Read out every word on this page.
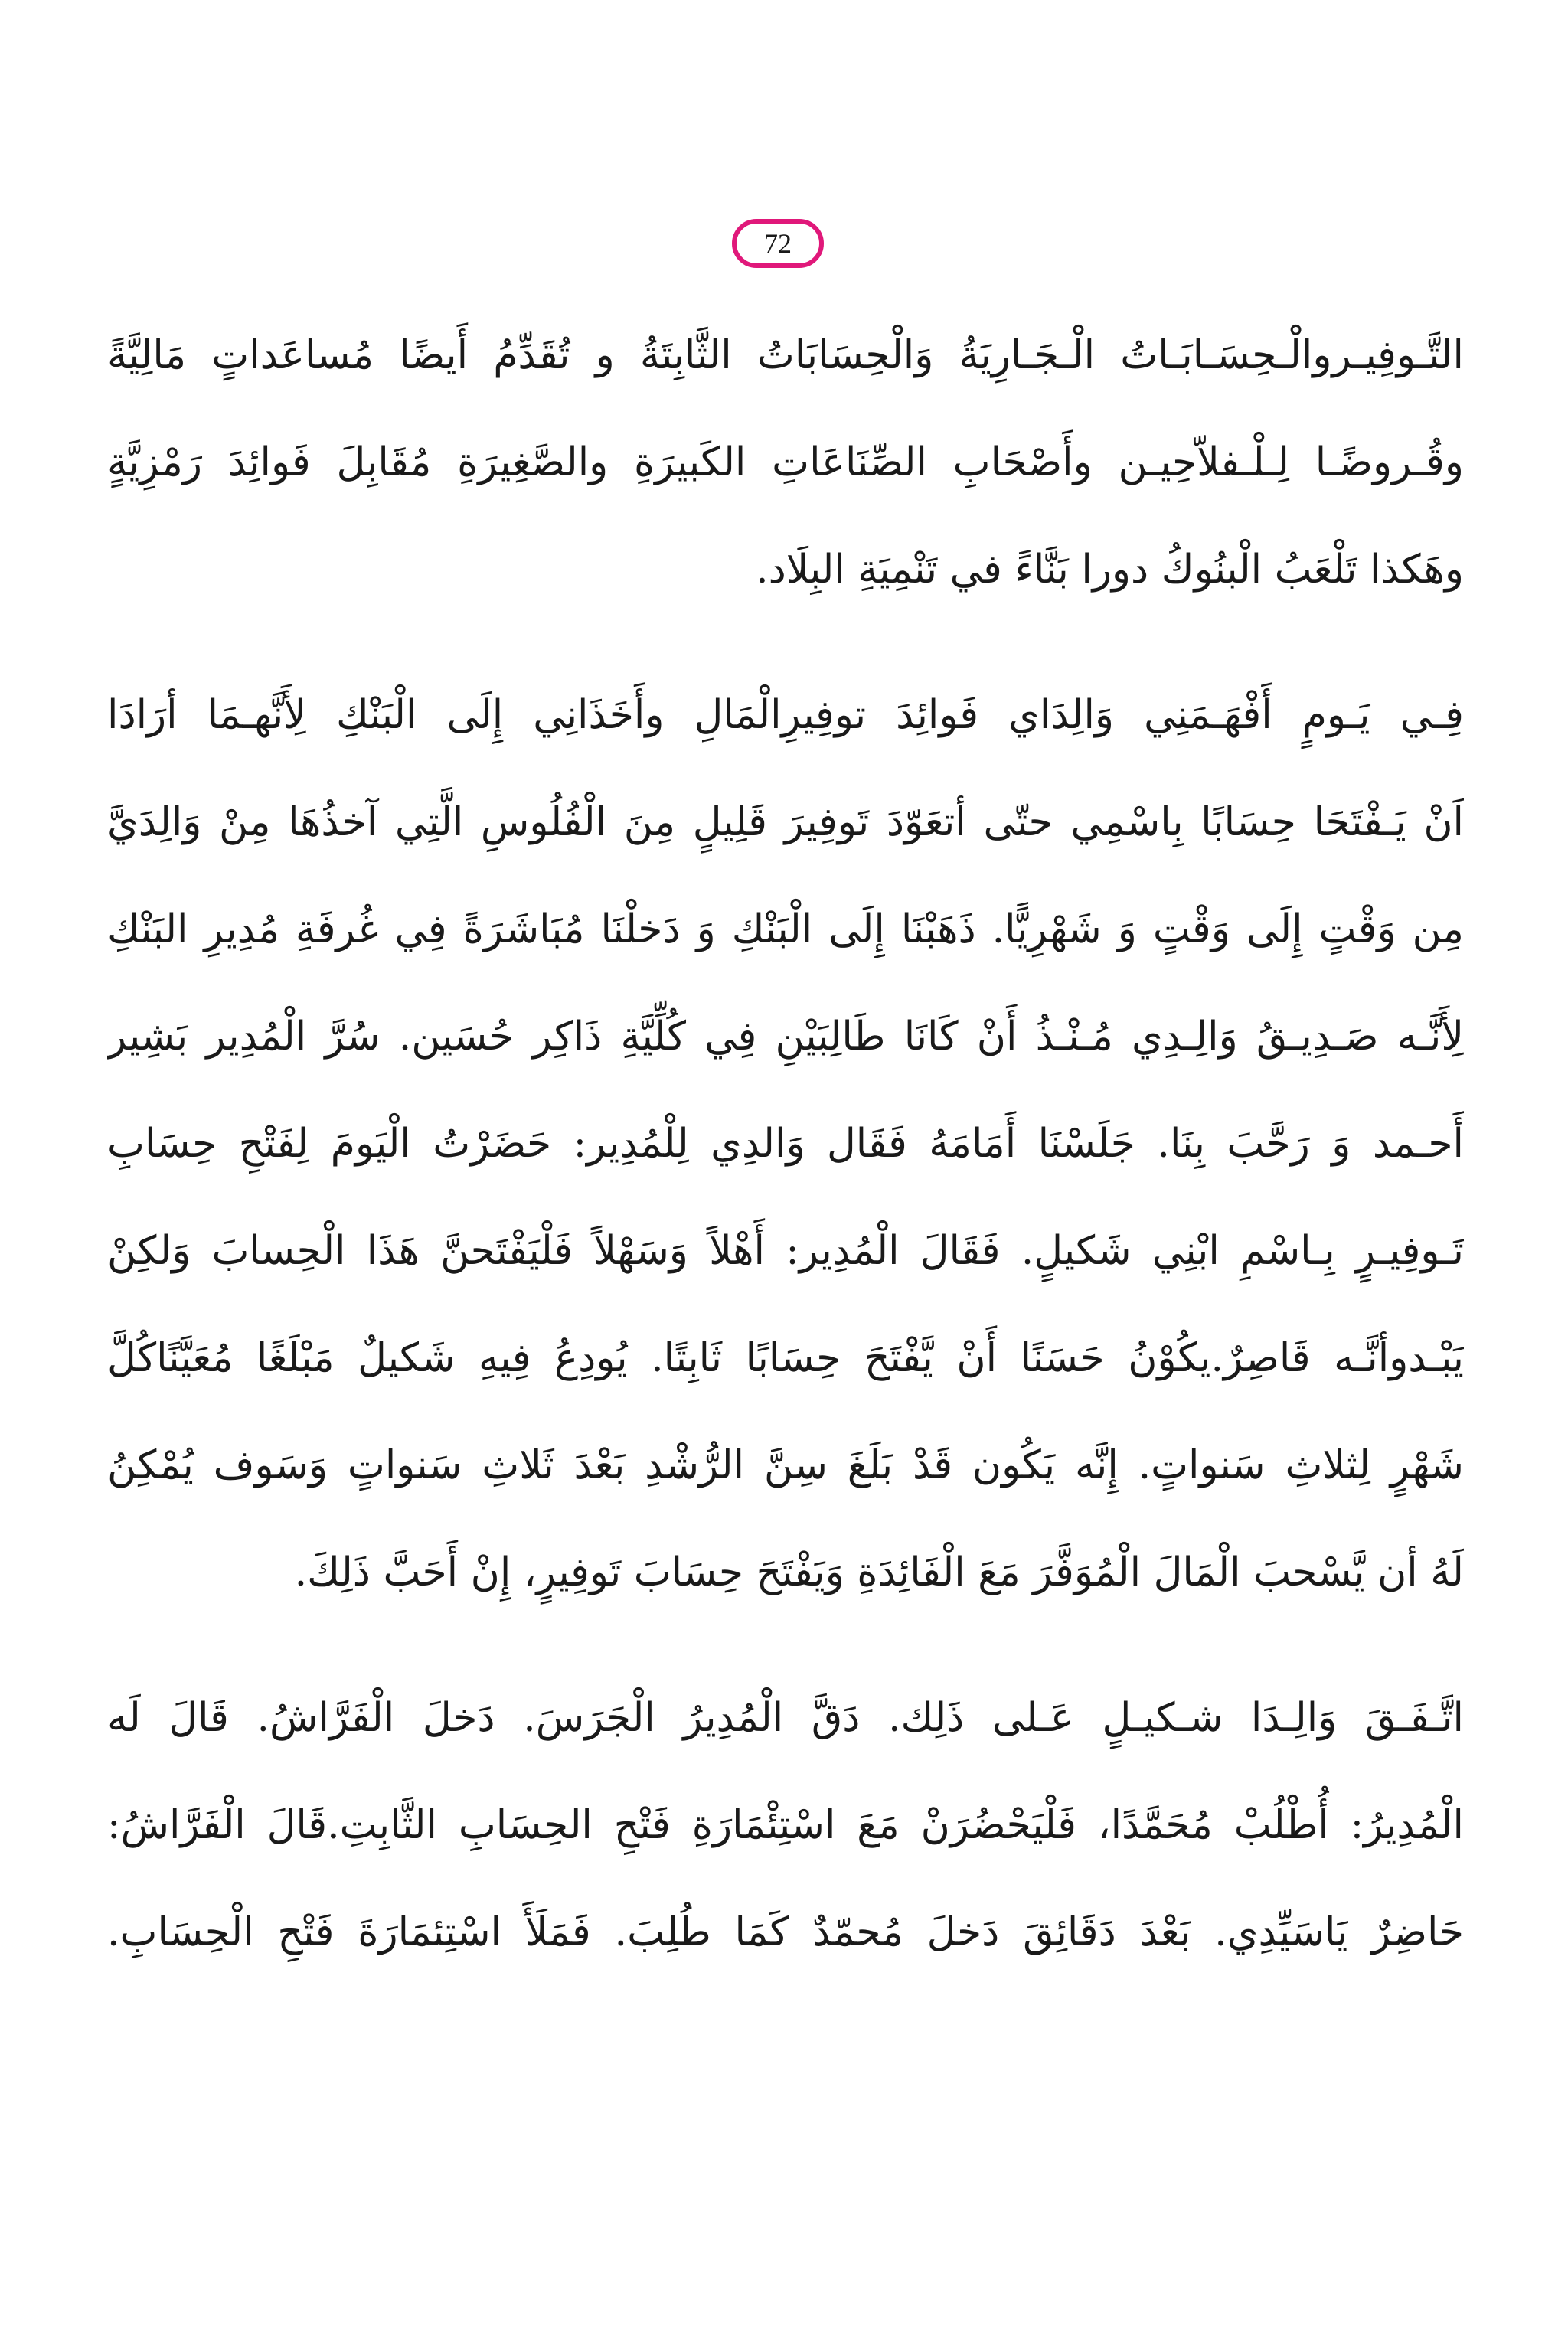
72
التَّـوفِيـروالْـحِسَـابَـاتُ الْـجَـارِيَةُ وَالْحِسَابَاتُ الثَّابِتَةُ و تُقَدِّمُ أَيضًا مُساعَداتٍ مَالِيَّةً
وقُـروضًـا لِـلْـفلاّحِيـن وأَصْحَابِ الصِّنَاعَاتِ الكَبيرَةِ والصَّغِيرَةِ مُقَابِلَ فَوائِدَ رَمْزِيَّةٍ
وهَكذا تَلْعَبُ الْبنُوكُ دورا بَنَّاءً في تَنْمِيَةِ البِلَاد.
فِـي يَـومٍ أَفْهَـمَنِي وَالِدَاي فَوائِدَ توفِيرِالْمَالِ وأَخَذَانِي إِلَى الْبَنْكِ لِأَنَّهـمَا أرَادَا
اَنْ يَـفْتَحَا حِسَابًا بِاسْمِي حتّى أتعَوّدَ تَوفِيرَ قَلِيلٍ مِنَ الْفُلُوسِ الَّتِي آخذُهَا مِنْ وَالِدَيَّ
مِن وَقْتٍ إِلَى وَقْتٍ وَ شَهْرِيًّا. ذَهَبْنَا إِلَى الْبَنْكِ وَ دَخلْنَا مُبَاشَرَةً فِي غُرفَةِ مُدِيرِ البَنْكِ
لِأَنَّـه صَـدِيـقُ وَالِـدِي مُـنْـذُ أَنْ كَانَا طَالِبَيْنِ فِي كُلِّيَّةِ ذَاكِر حُسَين. سُرَّ الْمُدِير بَشِير
أَحـمد وَ رَحَّبَ بِنَا. جَلَسْنَا أَمَامَهُ فَقَال وَالدِي لِلْمُدِير: حَضَرْتُ الْيَومَ لِفَتْحِ حِسَابِ
تَـوفِيـرٍ بِـاسْمِ ابْنِي شَكيلٍ. فَقَالَ الْمُدِير: أَهْلاً وَسَهْلاً فَلْيَفْتَحنَّ هَذَا الْحِسابَ وَلكِنْ
يَبْـدوأنَّـه قَاصِرٌ.يكُوْنُ حَسَنًا أَنْ يَّفْتَحَ حِسَابًا ثَابِتًا. يُودِعُ فِيهِ شَكيلٌ مَبْلَغًا مُعَيَّنًاكُلَّ
شَهْرٍ لِثلاثِ سَنواتٍ. إِنَّه يَكُون قَدْ بَلَغَ سِنَّ الرُّشْدِ بَعْدَ ثَلاثِ سَنواتٍ وَسَوف يُمْكِنُ
لَهُ أن يَّسْحبَ الْمَالَ الْمُوَفَّرَ مَعَ الْفَائِدَةِ وَيَفْتَحَ حِسَابَ تَوفِيرٍ، إِنْ أَحَبَّ ذَلِكَ.
اتَّـفَـقَ وَالِـدَا شـكيـلٍ عَـلى ذَلِك. دَقَّ الْمُدِيرُ الْجَرَسَ. دَخلَ الْفَرَّاشُ. قَالَ لَه
الْمُدِيرُ: أُطْلُبْ مُحَمَّدًا، فَلْيَحْضُرَنْ مَعَ اسْتِئْمَارَةِ فَتْحِ الحِسَابِ الثَّابِتِ.قَالَ الْفَرَّاشُ:
حَاضِرٌ يَاسَيِّدِي. بَعْدَ دَقَائِقَ دَخلَ مُحمّدٌ كَمَا طُلِبَ. فَمَلَأَ اسْتِئمَارَةَ فَتْحِ الْحِسَابِ.
